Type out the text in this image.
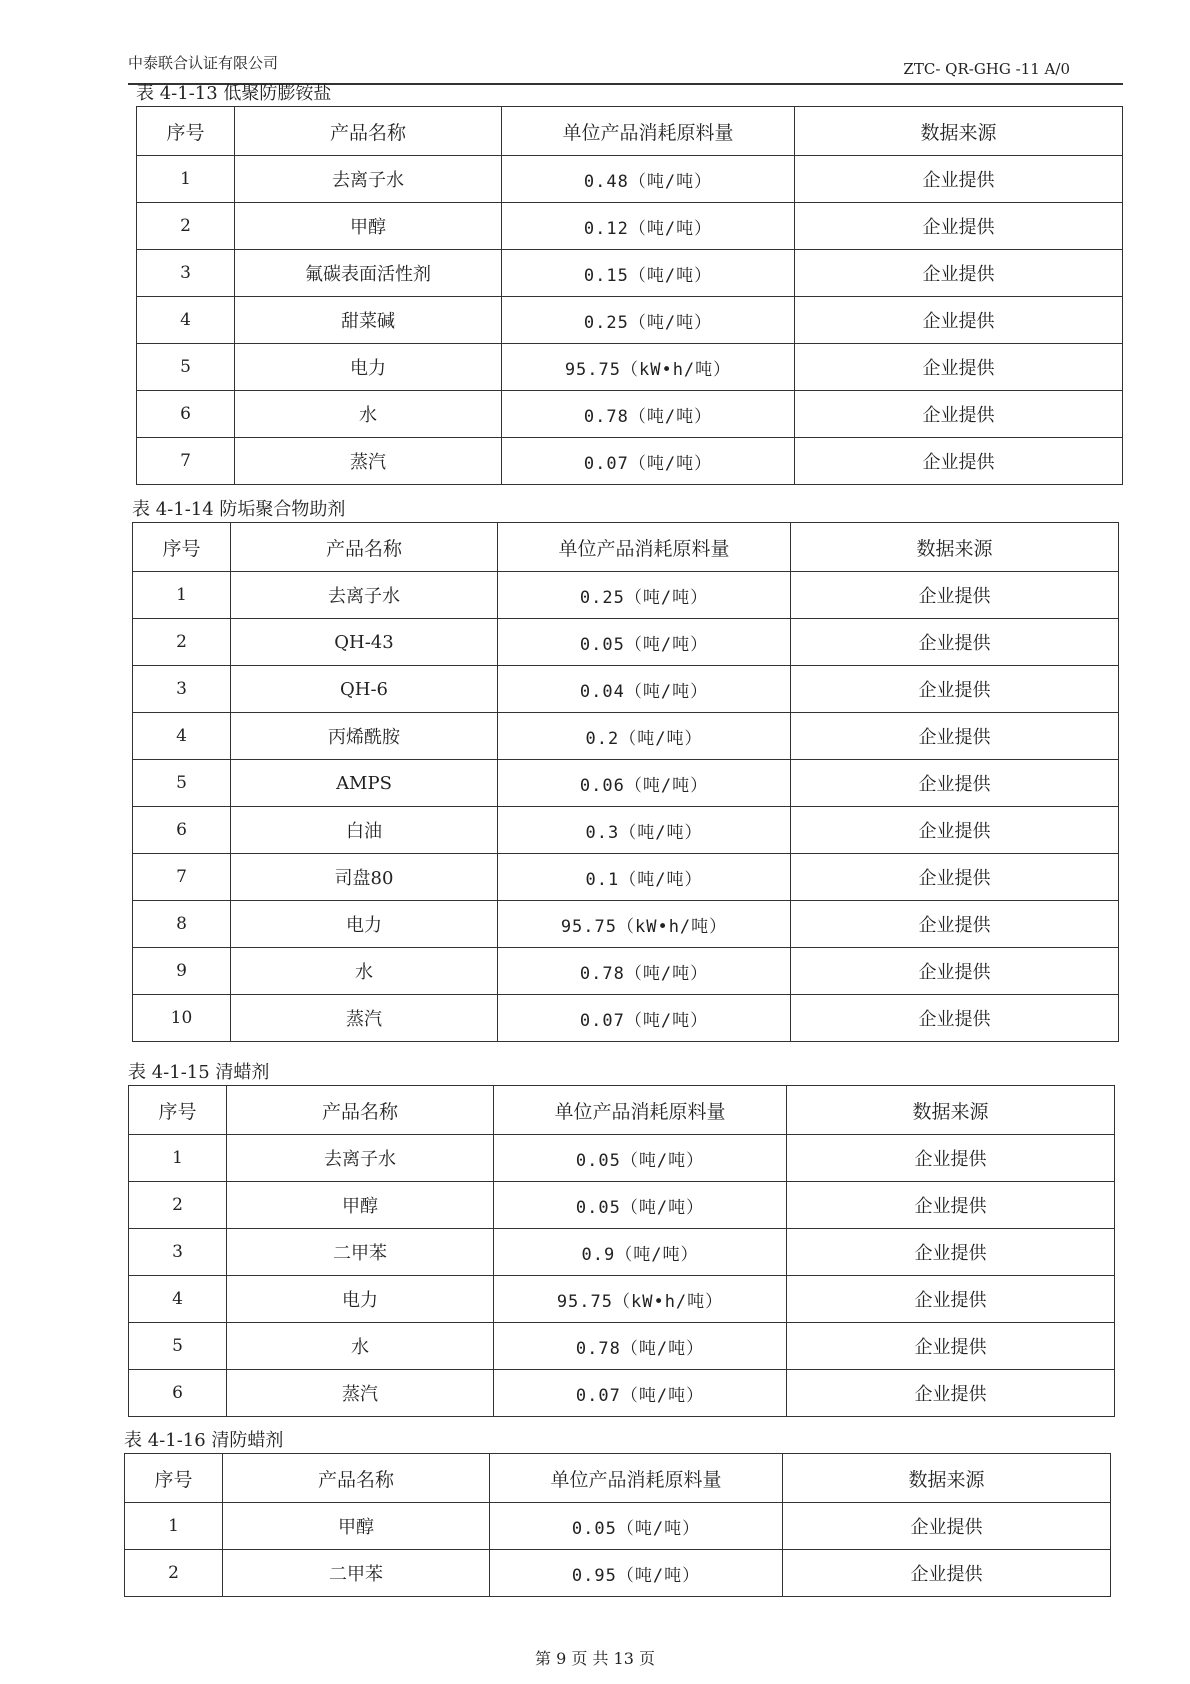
中泰联合认证有限公司	ZTC- QR-GHG -11 A/0
表 4-1-13 低聚防膨铵盐
序号	产品名称	单位产品消耗原料量	数据来源
1	去离子水	0.48（吨/吨）	企业提供
2	甲醇	0.12（吨/吨）	企业提供
3	氟碳表面活性剂	0.15（吨/吨）	企业提供
4	甜菜碱	0.25（吨/吨）	企业提供
5	电力	95.75（kW•h/吨）	企业提供
6	水	0.78（吨/吨）	企业提供
7	蒸汽	0.07（吨/吨）	企业提供
表 4-1-14 防垢聚合物助剂
序号	产品名称	单位产品消耗原料量	数据来源
1	去离子水	0.25（吨/吨）	企业提供
2	QH-43	0.05（吨/吨）	企业提供
3	QH-6	0.04（吨/吨）	企业提供
4	丙烯酰胺	0.2（吨/吨）	企业提供
5	AMPS	0.06（吨/吨）	企业提供
6	白油	0.3（吨/吨）	企业提供
7	司盘80	0.1（吨/吨）	企业提供
8	电力	95.75（kW•h/吨）	企业提供
9	水	0.78（吨/吨）	企业提供
10	蒸汽	0.07（吨/吨）	企业提供
表 4-1-15 清蜡剂
序号	产品名称	单位产品消耗原料量	数据来源
1	去离子水	0.05（吨/吨）	企业提供
2	甲醇	0.05（吨/吨）	企业提供
3	二甲苯	0.9（吨/吨）	企业提供
4	电力	95.75（kW•h/吨）	企业提供
5	水	0.78（吨/吨）	企业提供
6	蒸汽	0.07（吨/吨）	企业提供
表 4-1-16 清防蜡剂
序号	产品名称	单位产品消耗原料量	数据来源
1	甲醇	0.05（吨/吨）	企业提供
2	二甲苯	0.95（吨/吨）	企业提供
第 9 页 共 13 页
